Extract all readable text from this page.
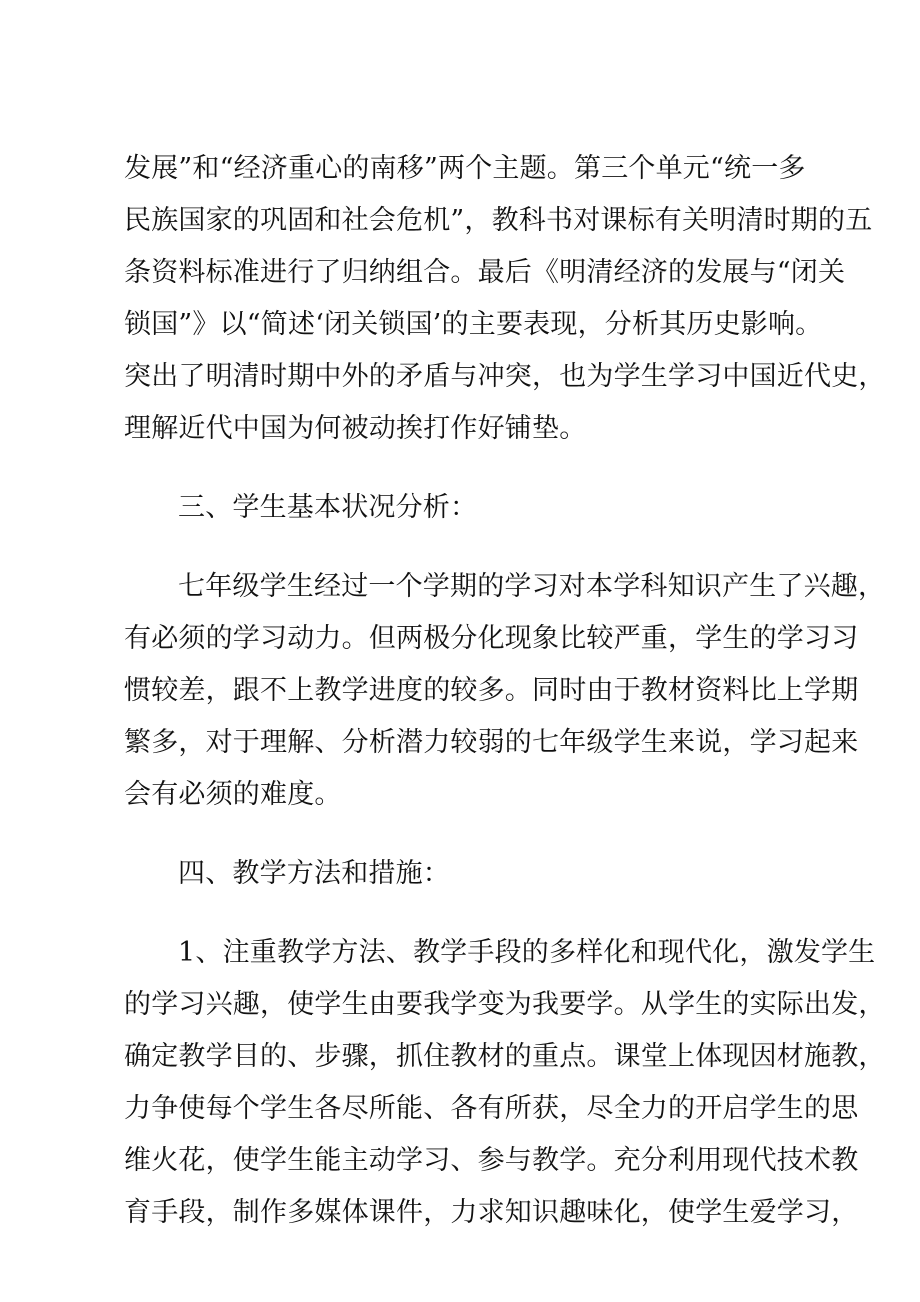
发展”和“经济重心的南移”两个主题。第三个单元“统一多

民族国家的巩固和社会危机”，教科书对课标有关明清时期的五

条资料标准进行了归纳组合。最后《明清经济的发展与“闭关

锁国”》以“简述‘闭关锁国’的主要表现，分析其历史影响。

突出了明清时期中外的矛盾与冲突，也为学生学习中国近代史，

理解近代中国为何被动挨打作好铺垫。

三、学生基本状况分析：

七年级学生经过一个学期的学习对本学科知识产生了兴趣，

有必须的学习动力。但两极分化现象比较严重，学生的学习习

惯较差，跟不上教学进度的较多。同时由于教材资料比上学期

繁多，对于理解、分析潜力较弱的七年级学生来说，学习起来

会有必须的难度。

四、教学方法和措施：

1、注重教学方法、教学手段的多样化和现代化，激发学生

的学习兴趣，使学生由要我学变为我要学。从学生的实际出发，

确定教学目的、步骤，抓住教材的重点。课堂上体现因材施教，

力争使每个学生各尽所能、各有所获，尽全力的开启学生的思

维火花，使学生能主动学习、参与教学。充分利用现代技术教

育手段，制作多媒体课件，力求知识趣味化，使学生爱学习，
